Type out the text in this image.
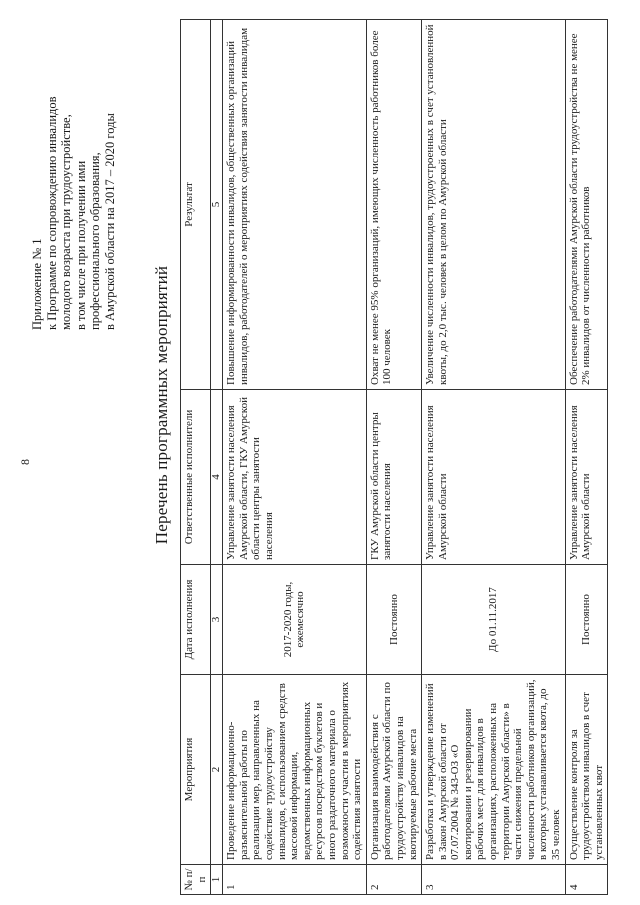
8
Приложение № 1 к Программе по сопровождению инвалидов молодого возраста при трудоустройстве, в том числе при получении ими профессионального образования, в Амурской области на 2017 – 2020 годы
Перечень программных мероприятий
№ п/п	Мероприятия	Дата исполнения	Ответственные исполнители	Результат
1	2	3	4	5
1	Проведение информационно-разъяснительной работы по реализации мер, направленных на содействие трудоустройству инвалидов, с использованием средств массовой информации, ведомственных информационных ресурсов посредством буклетов и иного раздаточного материала о возможности участия в мероприятиях содействия занятости	2017-2020 годы, ежемесячно	Управление занятости населения Амурской области, ГКУ Амурской области центры занятости населения	Повышение информированности инвалидов, общественных организаций инвалидов, работодателей о мероприятиях содействия занятости инвалидам
2	Организация взаимодействия с работодателями Амурской области по трудоустройству инвалидов на квотируемые рабочие места	Постоянно	ГКУ Амурской области центры занятости населения	Охват не менее 95% организаций, имеющих численность работников более 100 человек
3	Разработка и утверждение изменений в Закон Амурской области от 07.07.2004 № 343-ОЗ «О квотировании и резервировании рабочих мест для инвалидов в организациях, расположенных на территории Амурской области» в части снижения предельной численности работников организаций, в которых устанавливается квота, до 35 человек	До 01.11.2017	Управление занятости населения Амурской области	Увеличение численности инвалидов, трудоустроенных в счет установленной квоты, до 2,0 тыс. человек в целом по Амурской области
4	Осуществление контроля за трудоустройством инвалидов в счет установленных квот	Постоянно	Управление занятости населения Амурской области	Обеспечение работодателями Амурской области трудоустройства не менее 2% инвалидов от численности работников
